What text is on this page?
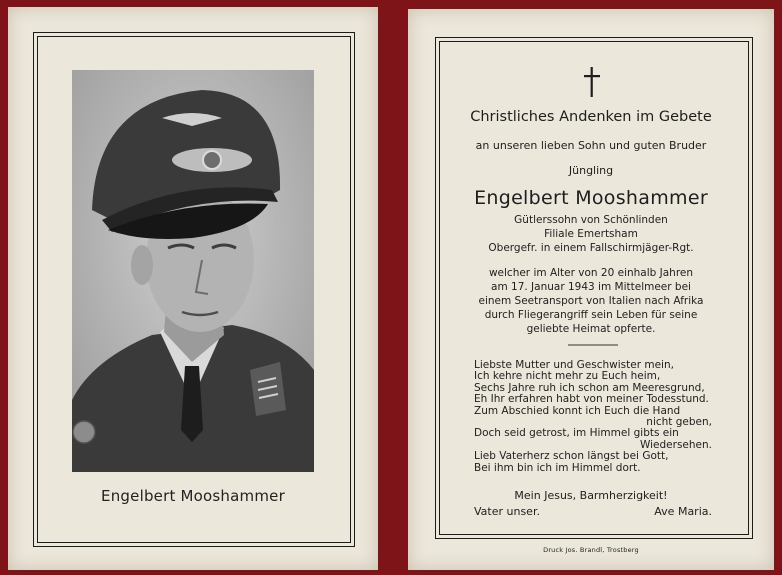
Engelbert Mooshammer
Christliches Andenken im Gebete
an unseren lieben Sohn und guten Bruder
Jüngling
Engelbert Mooshammer
Gütlerssohn von Schönlinden
Filiale Emertsham
Obergefr. in einem Fallschirmjäger-Rgt.
welcher im Alter von 20 einhalb Jahren
am 17. Januar 1943 im Mittelmeer bei
einem Seetransport von Italien nach Afrika
durch Fliegerangriff sein Leben für seine
geliebte Heimat opferte.
Liebste Mutter und Geschwister mein,
Ich kehre nicht mehr zu Euch heim,
Sechs Jahre ruh ich schon am Meeresgrund,
Eh Ihr erfahren habt von meiner Todesstund.
Zum Abschied konnt ich Euch die Hand
nicht geben,
Doch seid getrost, im Himmel gibts ein
Wiedersehen.
Lieb Vaterherz schon längst bei Gott,
Bei ihm bin ich im Himmel dort.
Mein Jesus, Barmherzigkeit!
Vater unser.	Ave Maria.
Druck Jos. Brandl, Trostberg
